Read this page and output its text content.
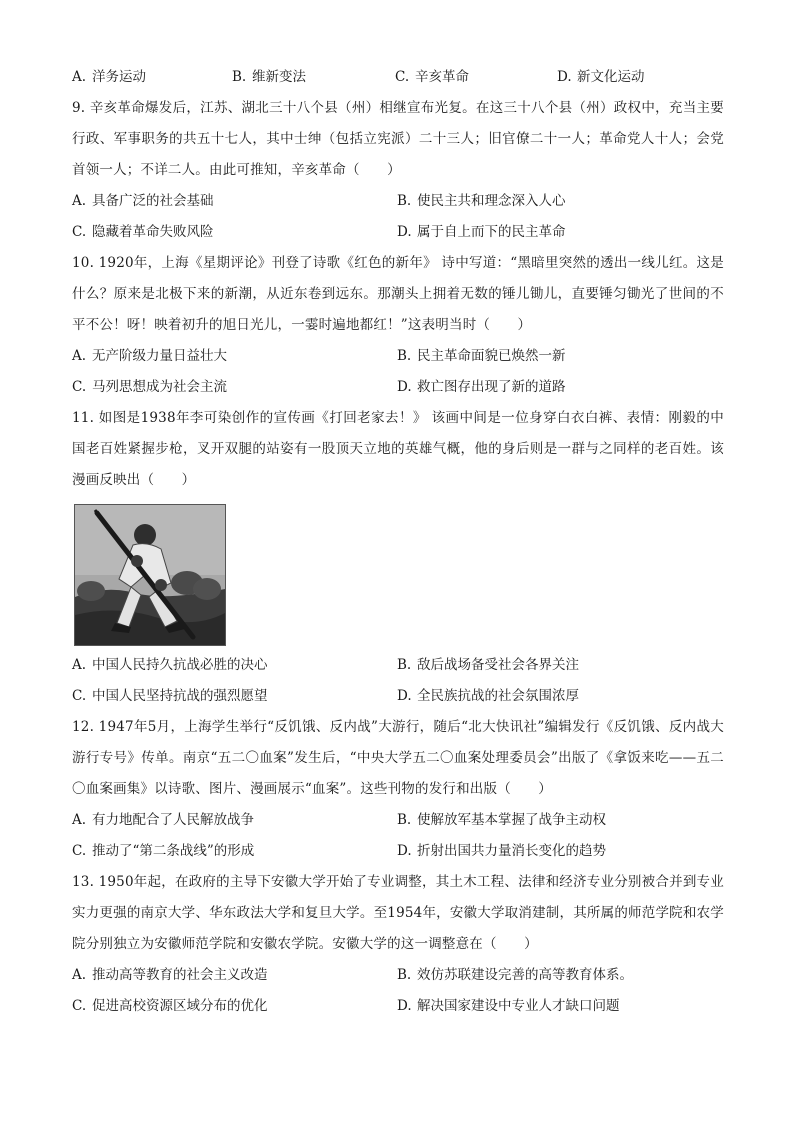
A. 洋务运动	B. 维新变法	C. 辛亥革命	D. 新文化运动

9. 辛亥革命爆发后，江苏、湖北三十八个县（州）相继宣布光复。在这三十八个县（州）政权中，充当主要行政、军事职务的共五十七人，其中士绅（包括立宪派）二十三人；旧官僚二十一人；革命党人十人；会党首领一人；不详二人。由此可推知，辛亥革命（　　）

A. 具备广泛的社会基础	B. 使民主共和理念深入人心
C. 隐藏着革命失败风险	D. 属于自上而下的民主革命

10. 1920年，上海《星期评论》刊登了诗歌《红色的新年》 诗中写道：“黑暗里突然的透出一线儿红。这是什么？原来是北极下来的新潮，从近东卷到远东。那潮头上拥着无数的锤儿锄儿，直要锤匀锄光了世间的不平不公！呀！映着初升的旭日光儿，一霎时遍地都红！”这表明当时（　　）

A. 无产阶级力量日益壮大	B. 民主革命面貌已焕然一新
C. 马列思想成为社会主流	D. 救亡图存出现了新的道路

11. 如图是1938年李可染创作的宣传画《打回老家去！》 该画中间是一位身穿白衣白裤、表情：刚毅的中国老百姓紧握步枪，叉开双腿的站姿有一股顶天立地的英雄气概，他的身后则是一群与之同样的老百姓。该漫画反映出（　　）

A. 中国人民持久抗战必胜的决心	B. 敌后战场备受社会各界关注
C. 中国人民坚持抗战的强烈愿望	D. 全民族抗战的社会氛围浓厚

12. 1947年5月，上海学生举行“反饥饿、反内战”大游行，随后“北大快讯社”编辑发行《反饥饿、反内战大游行专号》传单。南京“五二〇血案”发生后，“中央大学五二〇血案处理委员会”出版了《拿饭来吃——五二〇血案画集》以诗歌、图片、漫画展示“血案”。这些刊物的发行和出版（　　）

A. 有力地配合了人民解放战争	B. 使解放军基本掌握了战争主动权
C. 推动了“第二条战线”的形成	D. 折射出国共力量消长变化的趋势

13. 1950年起，在政府的主导下安徽大学开始了专业调整，其土木工程、法律和经济专业分别被合并到专业实力更强的南京大学、华东政法大学和复旦大学。至1954年，安徽大学取消建制，其所属的师范学院和农学院分别独立为安徽师范学院和安徽农学院。安徽大学的这一调整意在（　　）

A. 推动高等教育的社会主义改造	B. 效仿苏联建设完善的高等教育体系。
C. 促进高校资源区域分布的优化	D. 解决国家建设中专业人才缺口问题
